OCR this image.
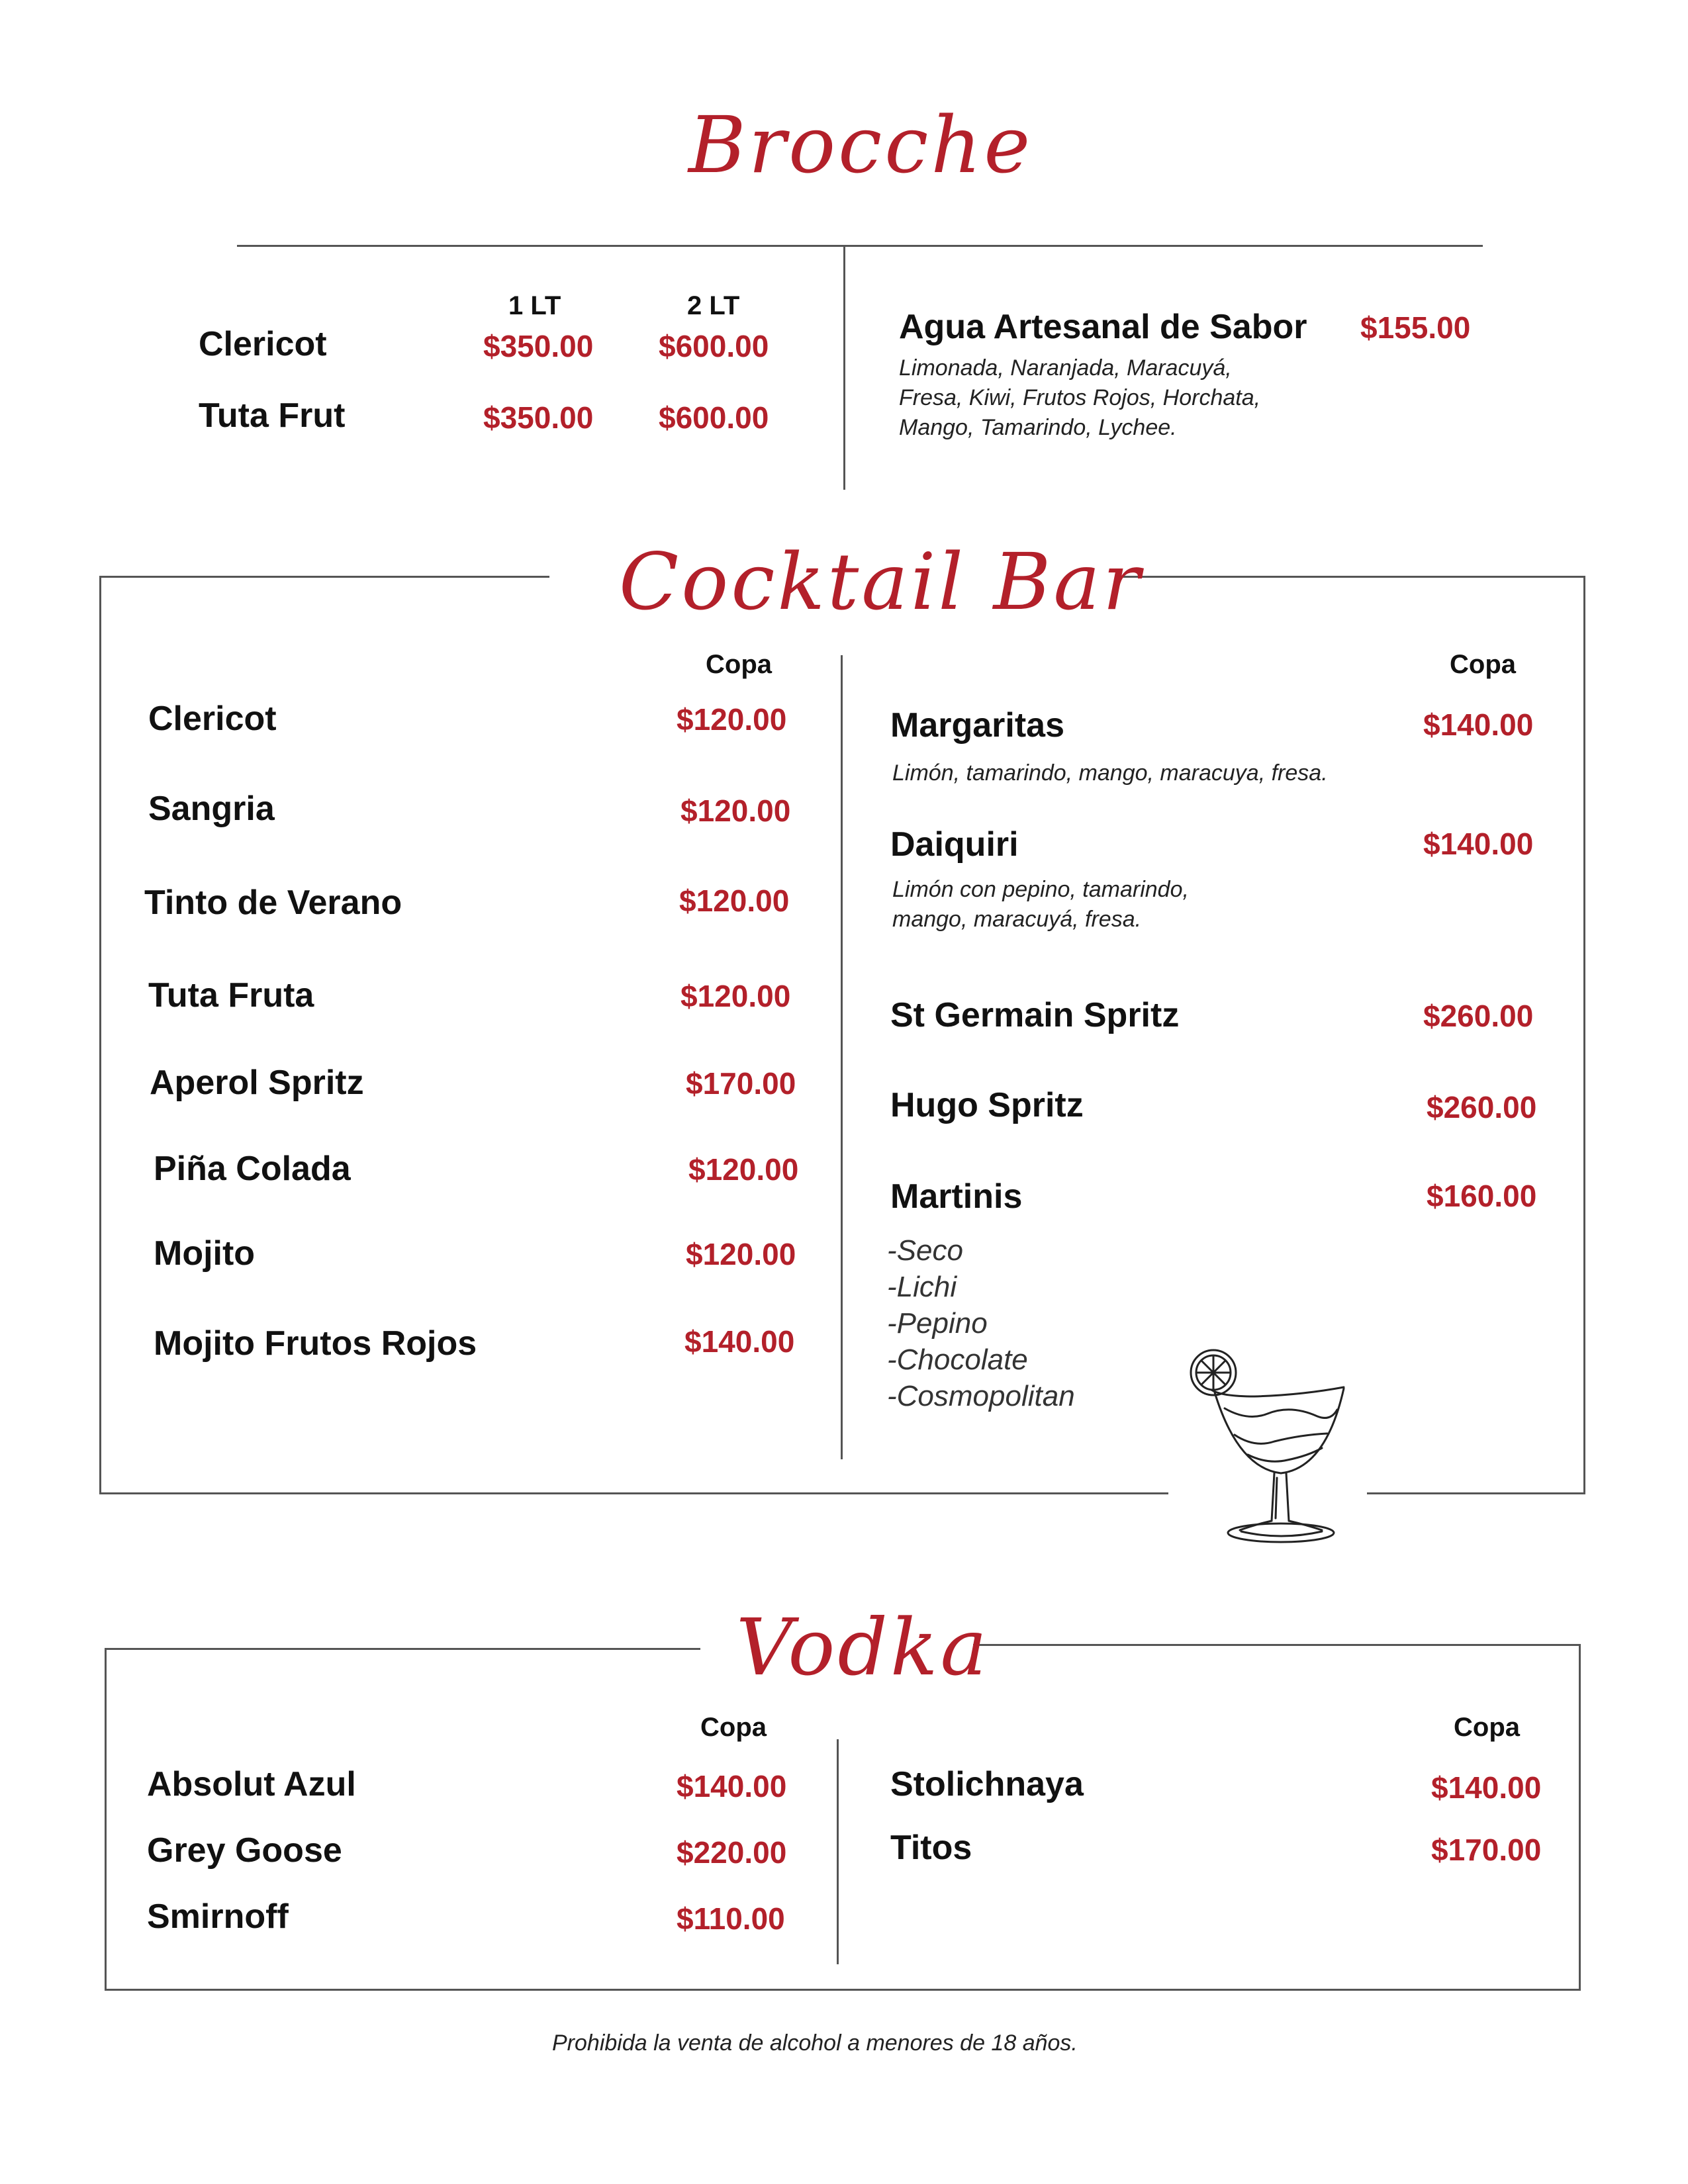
Brocche
1 LT	2 LT
Clericot	$350.00 $600.00
Tuta Frut	$350.00 $600.00
Agua Artesanal de Sabor $155.00
Limonada, Naranjada, Maracuyá,
Fresa, Kiwi, Frutos Rojos, Horchata,
Mango, Tamarindo, Lychee.
Cocktail Bar
Copa	Copa
Clericot	$120.00
Sangria	$120.00
Tinto de Verano	$120.00
Tuta Fruta	$120.00
Aperol Spritz	$170.00
Piña Colada	$120.00
Mojito	$120.00
Mojito Frutos Rojos	$140.00
Margaritas	$140.00
Limón, tamarindo, mango, maracuya, fresa.
Daiquiri	$140.00
Limón con pepino, tamarindo,
mango, maracuyá, fresa.
St Germain Spritz	$260.00
Hugo Spritz	$260.00
Martinis	$160.00
-Seco
-Lichi
-Pepino
-Chocolate
-Cosmopolitan
Vodka
Copa	Copa
Absolut Azul	$140.00
Grey Goose	$220.00
Smirnoff	$110.00
Stolichnaya	$140.00
Titos	$170.00
Prohibida la venta de alcohol a menores de 18 años.
